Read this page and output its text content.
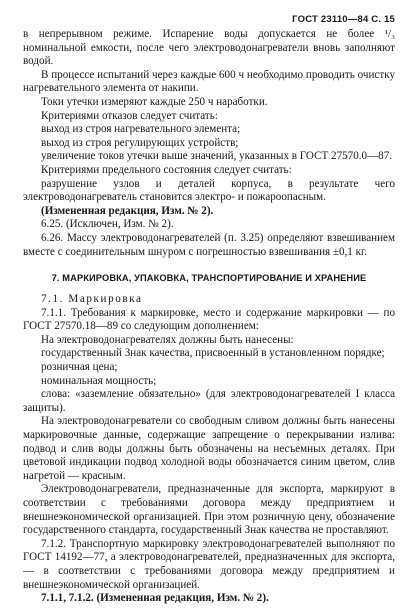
ГОСТ 23110—84 С. 15

в непрерывном режиме. Испарение воды допускается не более ¹/₃ номинальной емкости, после чего электроводонагреватели вновь заполняют водой.

В процессе испытаний через каждые 600 ч необходимо проводить очистку нагревательного элемента от накипи.

Токи утечки измеряют каждые 250 ч наработки.

Критериями отказов следует считать:

выход из строя нагревательного элемента;

выход из строя регулирующих устройств;

увеличение токов утечки выше значений, указанных в ГОСТ 27570.0—87.

Критериями предельного состояния следует считать:

разрушение узлов и деталей корпуса, в результате чего электроводонагреватель становится электро- и пожароопасным.

(Измененная редакция, Изм. № 2).

6.25. (Исключен, Изм. № 2).

6.26. Массу электроводонагревателей (п. 3.25) определяют взвешиванием вместе с соединительным шнуром с погрешностью взвешивания ±0,1 кг.

7. МАРКИРОВКА, УПАКОВКА, ТРАНСПОРТИРОВАНИЕ И ХРАНЕНИЕ

7.1. Маркировка

7.1.1. Требования к маркировке, место и содержание маркировки — по ГОСТ 27570.18—89 со следующим дополнением:

На электроводонагревателях должны быть нанесены:

государственный Знак качества, присвоенный в установленном порядке;

розничная цена;

номинальная мощность;

слова: «заземление обязательно» (для электроводонагревателей I класса защиты).

На электроводонагреватели со свободным сливом должны быть нанесены маркировочные данные, содержащие запрещение о перекрывании излива: подвод и слив воды должны быть обозначены на несъемных деталях. При цветовой индикации подвод холодной воды обозначается синим цветом, слив нагретой — красным.

Электроводонагреватели, предназначенные для экспорта, маркируют в соответствии с требованиями договора между предприятием и внешнеэкономической организацией. При этом розничную цену, обозначение государственного стандарта, государственный Знак качества не проставляют.

7.1.2. Транспортную маркировку электроводонагревателей выполняют по ГОСТ 14192—77, а электроводонагревателей, предназначенных для экспорта, — в соответствии с требованиями договора между предприятием и внешнеэкономической организацией.

7.1.1, 7.1.2. (Измененная редакция, Изм. № 2).
